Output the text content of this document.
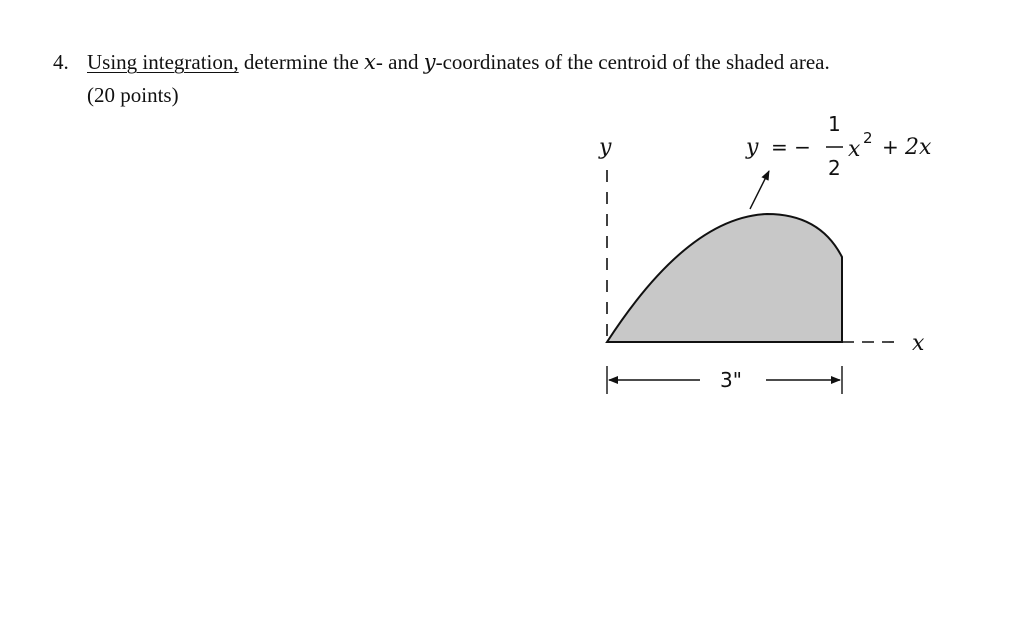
4. Using integration, determine the x- and y-coordinates of the centroid of the shaded area.
(20 points)
y
x
3"
y = −
1
2
x 2 + 2x
